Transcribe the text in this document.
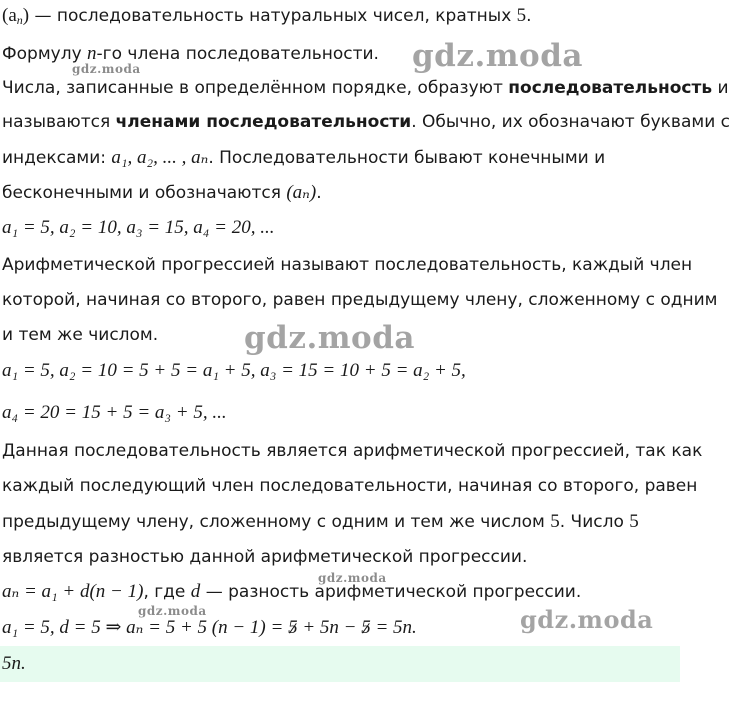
$(a_n)$ — последовательность натуральных чисел, кратных 5.
Формулу n-го члена последовательности.
Числа, записанные в определённом порядке, образуют последовательность и
называются членами последовательности. Обычно, их обозначают буквами с
индексами: a₁, a₂, ... , aₙ. Последовательности бывают конечными и
бесконечными и обозначаются (aₙ).
a₁ = 5, a₂ = 10, a₃ = 15, a₄ = 20, ...
Арифметической прогрессией называют последовательность, каждый член
которой, начиная со второго, равен предыдущему члену, сложенному с одним
и тем же числом.
a₁ = 5, a₂ = 10 = 5 + 5 = a₁ + 5, a₃ = 15 = 10 + 5 = a₂ + 5,
a₄ = 20 = 15 + 5 = a₃ + 5, ...
Данная последовательность является арифметической прогрессией, так как
каждый последующий член последовательности, начиная со второго, равен
предыдущему члену, сложенному с одним и тем же числом 5. Число 5
является разностью данной арифметической прогрессии.
aₙ = a₁ + d(n − 1), где d — разность арифметической прогрессии.
a₁ = 5, d = 5 ⇒ aₙ = 5 + 5 (n − 1) = 5 + 5n − 5 = 5n.
5n.
gdz.moda
gdz.moda
gdz.moda
gdz.moda
gdz.moda	gdz.moda
